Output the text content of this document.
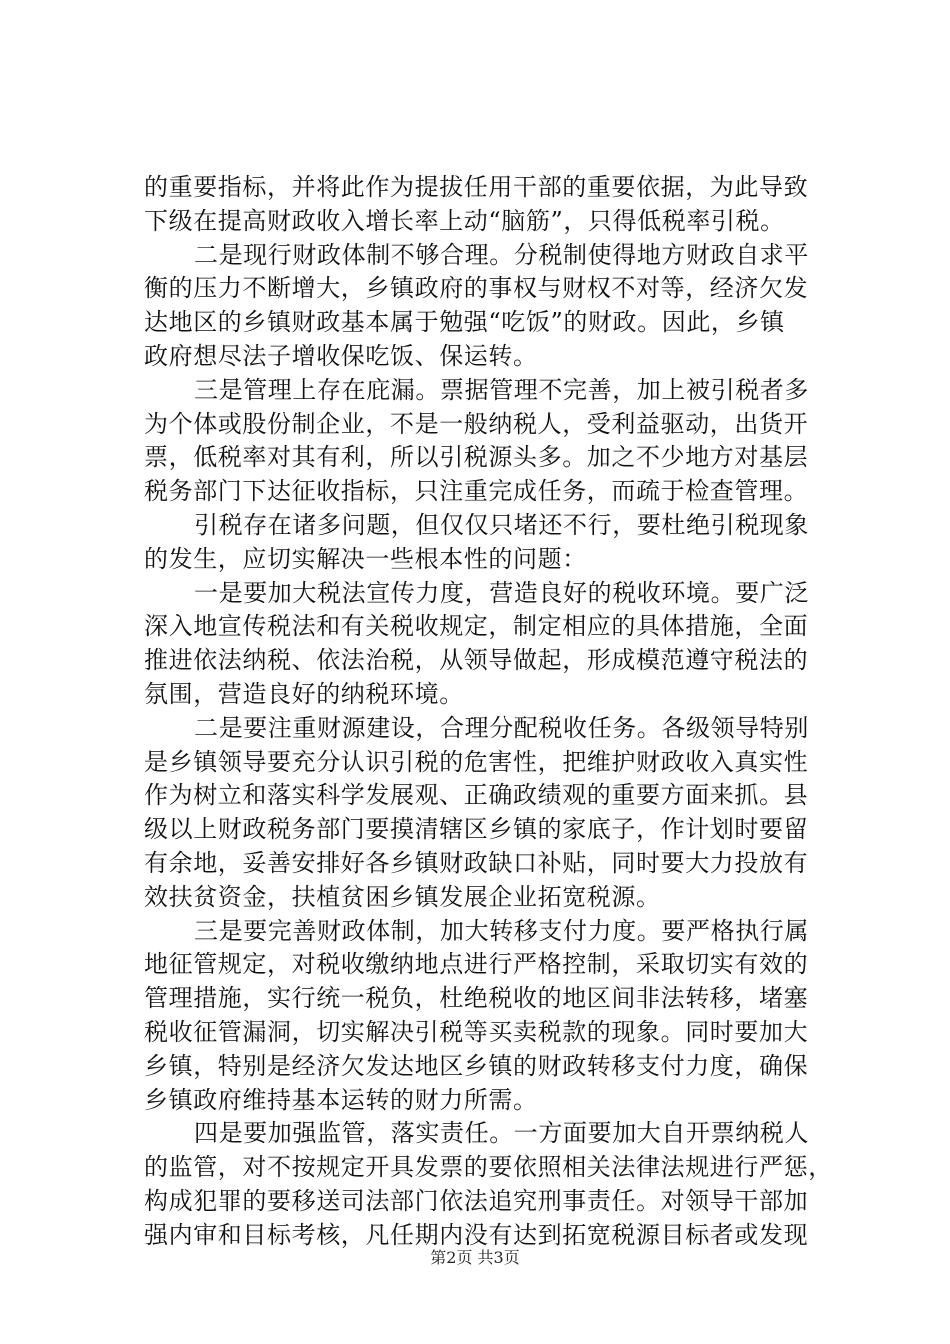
的重要指标，并将此作为提拔任用干部的重要依据，为此导致
下级在提高财政收入增长率上动“脑筋”，只得低税率引税。
二是现行财政体制不够合理。分税制使得地方财政自求平
衡的压力不断增大，乡镇政府的事权与财权不对等，经济欠发
达地区的乡镇财政基本属于勉强“吃饭”的财政。因此，乡镇
政府想尽法子增收保吃饭、保运转。
三是管理上存在庇漏。票据管理不完善，加上被引税者多
为个体或股份制企业，不是一般纳税人，受利益驱动，出货开
票，低税率对其有利，所以引税源头多。加之不少地方对基层
税务部门下达征收指标，只注重完成任务，而疏于检查管理。
引税存在诸多问题，但仅仅只堵还不行，要杜绝引税现象
的发生，应切实解决一些根本性的问题：
一是要加大税法宣传力度，营造良好的税收环境。要广泛
深入地宣传税法和有关税收规定，制定相应的具体措施，全面
推进依法纳税、依法治税，从领导做起，形成模范遵守税法的
氛围，营造良好的纳税环境。
二是要注重财源建设，合理分配税收任务。各级领导特别
是乡镇领导要充分认识引税的危害性，把维护财政收入真实性
作为树立和落实科学发展观、正确政绩观的重要方面来抓。县
级以上财政税务部门要摸清辖区乡镇的家底子，作计划时要留
有余地，妥善安排好各乡镇财政缺口补贴，同时要大力投放有
效扶贫资金，扶植贫困乡镇发展企业拓宽税源。
三是要完善财政体制，加大转移支付力度。要严格执行属
地征管规定，对税收缴纳地点进行严格控制，采取切实有效的
管理措施，实行统一税负，杜绝税收的地区间非法转移，堵塞
税收征管漏洞，切实解决引税等买卖税款的现象。同时要加大
乡镇，特别是经济欠发达地区乡镇的财政转移支付力度，确保
乡镇政府维持基本运转的财力所需。
四是要加强监管，落实责任。一方面要加大自开票纳税人
的监管，对不按规定开具发票的要依照相关法律法规进行严惩，
构成犯罪的要移送司法部门依法追究刑事责任。对领导干部加
强内审和目标考核，凡任期内没有达到拓宽税源目标者或发现
第2页 共3页
